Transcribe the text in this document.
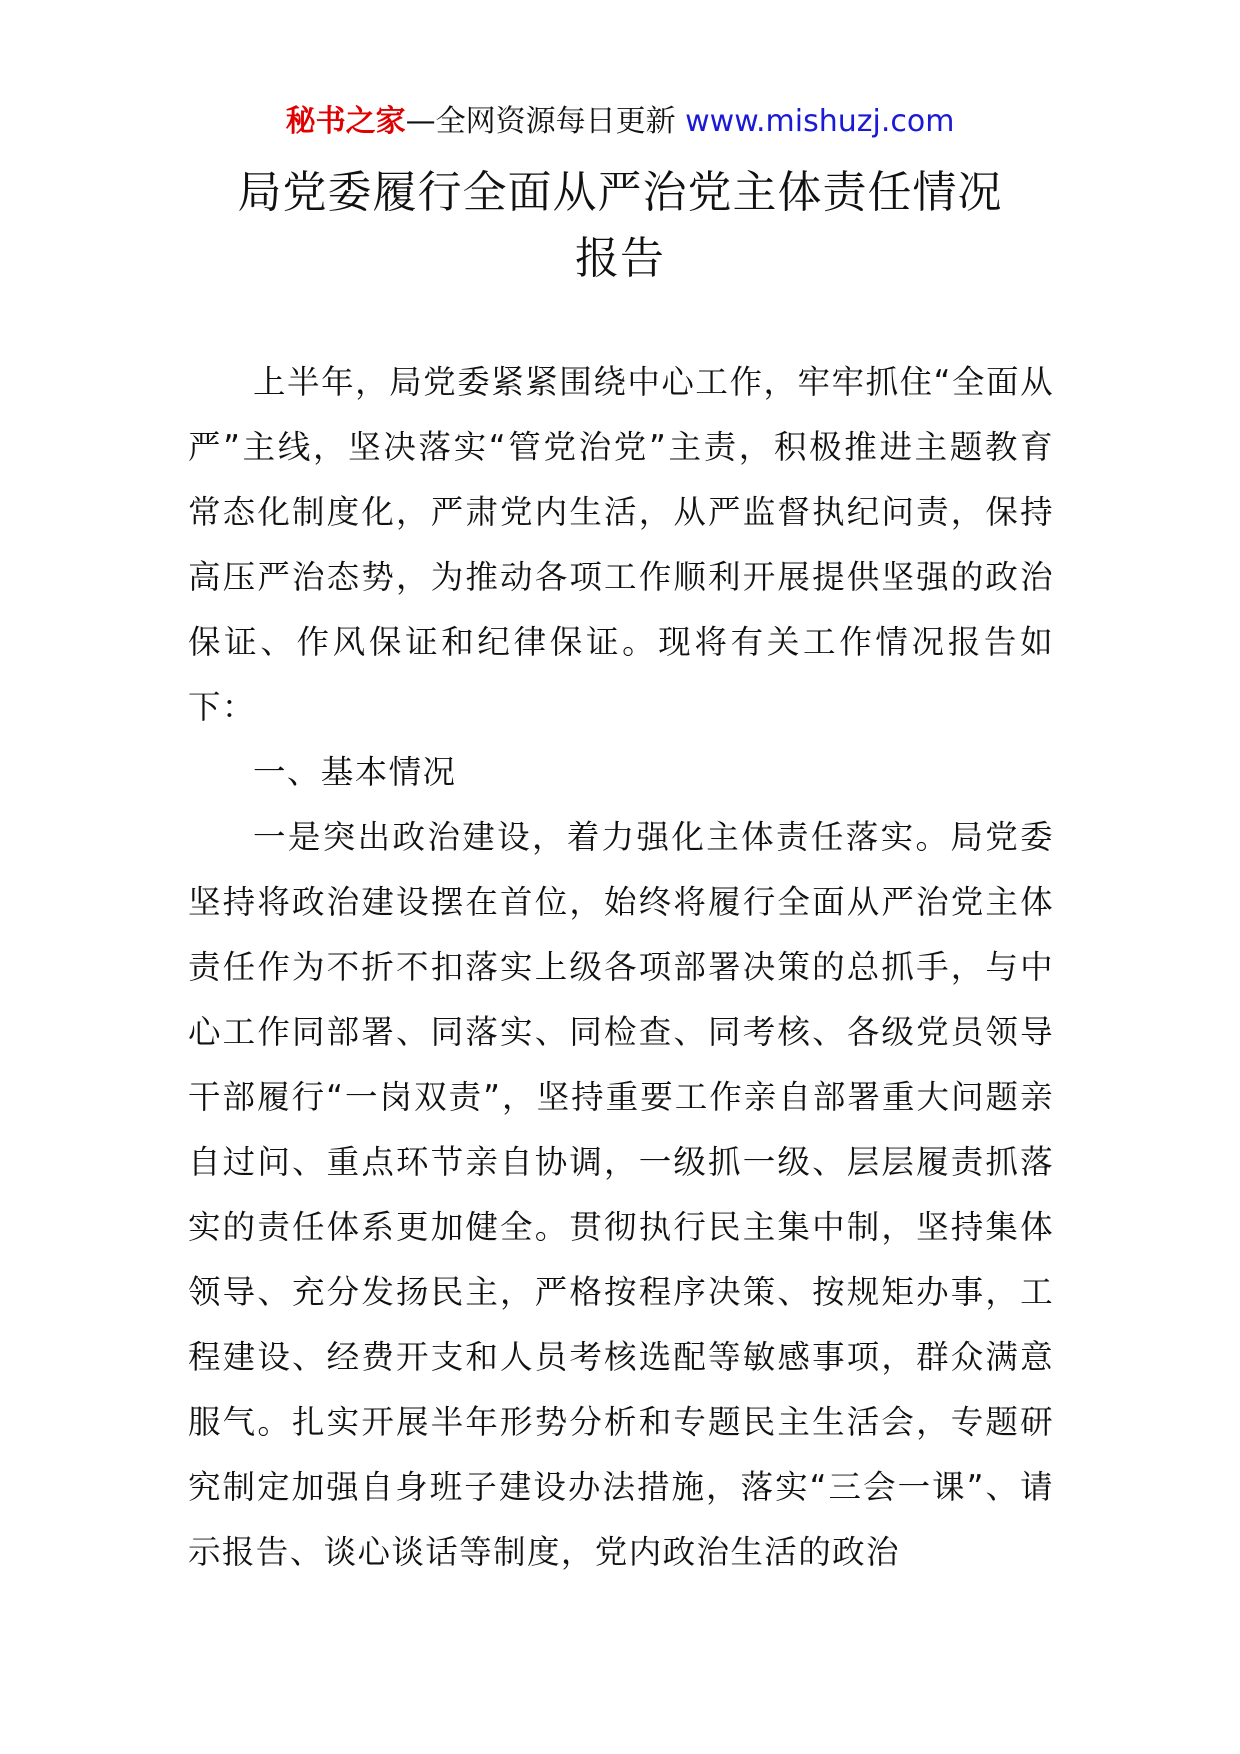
秘书之家—全网资源每日更新 www.mishuzj.com
局党委履行全面从严治党主体责任情况
报告

上半年，局党委紧紧围绕中心工作，牢牢抓住“全面从严”主线，坚决落实“管党治党”主责，积极推进主题教育常态化制度化，严肃党内生活，从严监督执纪问责，保持高压严治态势，为推动各项工作顺利开展提供坚强的政治保证、作风保证和纪律保证。现将有关工作情况报告如下：

一、基本情况

一是突出政治建设，着力强化主体责任落实。局党委坚持将政治建设摆在首位，始终将履行全面从严治党主体责任作为不折不扣落实上级各项部署决策的总抓手，与中心工作同部署、同落实、同检查、同考核、各级党员领导干部履行“一岗双责”，坚持重要工作亲自部署重大问题亲自过问、重点环节亲自协调，一级抓一级、层层履责抓落实的责任体系更加健全。贯彻执行民主集中制，坚持集体领导、充分发扬民主，严格按程序决策、按规矩办事，工程建设、经费开支和人员考核选配等敏感事项，群众满意服气。扎实开展半年形势分析和专题民主生活会，专题研究制定加强自身班子建设办法措施，落实“三会一课”、请示报告、谈心谈话等制度，党内政治生活的政治
